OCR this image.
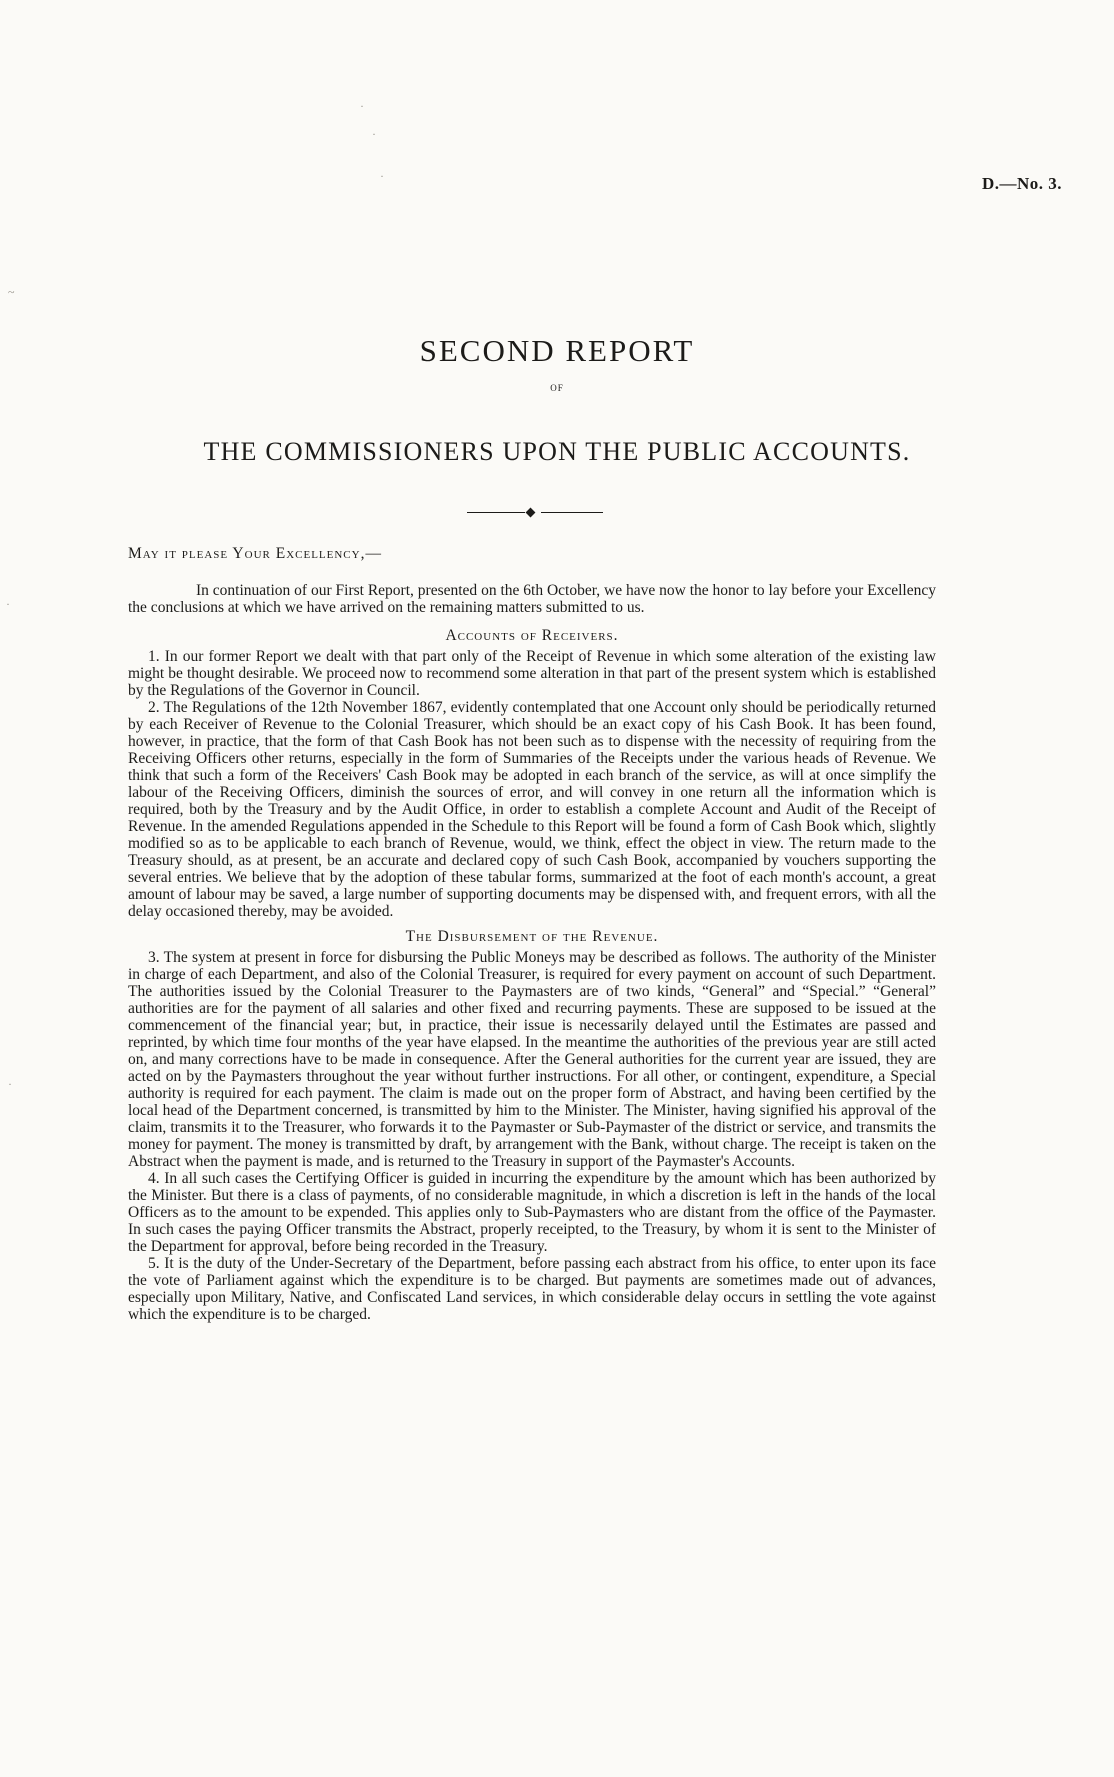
·
·
·
~
·
·
D.—No. 3.
SECOND REPORT
OF
THE COMMISSIONERS UPON THE PUBLIC ACCOUNTS.
May it please Your Excellency,—

In continuation of our First Report, presented on the 6th October, we have now the honor to lay before your Excellency the conclusions at which we have arrived on the remaining matters submitted to us.

Accounts of Receivers.

1. In our former Report we dealt with that part only of the Receipt of Revenue in which some alteration of the existing law might be thought desirable. We proceed now to recommend some alteration in that part of the present system which is established by the Regulations of the Governor in Council.

2. The Regulations of the 12th November 1867, evidently contemplated that one Account only should be periodically returned by each Receiver of Revenue to the Colonial Treasurer, which should be an exact copy of his Cash Book. It has been found, however, in practice, that the form of that Cash Book has not been such as to dispense with the necessity of requiring from the Receiving Officers other returns, especially in the form of Summaries of the Receipts under the various heads of Revenue. We think that such a form of the Receivers' Cash Book may be adopted in each branch of the service, as will at once simplify the labour of the Receiving Officers, diminish the sources of error, and will convey in one return all the information which is required, both by the Treasury and by the Audit Office, in order to establish a complete Account and Audit of the Receipt of Revenue. In the amended Regulations appended in the Schedule to this Report will be found a form of Cash Book which, slightly modified so as to be applicable to each branch of Revenue, would, we think, effect the object in view. The return made to the Treasury should, as at present, be an accurate and declared copy of such Cash Book, accompanied by vouchers supporting the several entries. We believe that by the adoption of these tabular forms, summarized at the foot of each month's account, a great amount of labour may be saved, a large number of supporting documents may be dispensed with, and frequent errors, with all the delay occasioned thereby, may be avoided.

The Disbursement of the Revenue.

3. The system at present in force for disbursing the Public Moneys may be described as follows. The authority of the Minister in charge of each Department, and also of the Colonial Treasurer, is required for every payment on account of such Department. The authorities issued by the Colonial Treasurer to the Paymasters are of two kinds, “General” and “Special.” “General” authorities are for the payment of all salaries and other fixed and recurring payments. These are supposed to be issued at the commencement of the financial year; but, in practice, their issue is necessarily delayed until the Estimates are passed and reprinted, by which time four months of the year have elapsed. In the meantime the authorities of the previous year are still acted on, and many corrections have to be made in consequence. After the General authorities for the current year are issued, they are acted on by the Paymasters throughout the year without further instructions. For all other, or contingent, expenditure, a Special authority is required for each payment. The claim is made out on the proper form of Abstract, and having been certified by the local head of the Department concerned, is transmitted by him to the Minister. The Minister, having signified his approval of the claim, transmits it to the Treasurer, who forwards it to the Paymaster or Sub-Paymaster of the district or service, and transmits the money for payment. The money is transmitted by draft, by arrangement with the Bank, without charge. The receipt is taken on the Abstract when the payment is made, and is returned to the Treasury in support of the Paymaster's Accounts.

4. In all such cases the Certifying Officer is guided in incurring the expenditure by the amount which has been authorized by the Minister. But there is a class of payments, of no considerable magnitude, in which a discretion is left in the hands of the local Officers as to the amount to be expended. This applies only to Sub-Paymasters who are distant from the office of the Paymaster. In such cases the paying Officer transmits the Abstract, properly receipted, to the Treasury, by whom it is sent to the Minister of the Department for approval, before being recorded in the Treasury.

5. It is the duty of the Under-Secretary of the Department, before passing each abstract from his office, to enter upon its face the vote of Parliament against which the expenditure is to be charged. But payments are sometimes made out of advances, especially upon Military, Native, and Confiscated Land services, in which considerable delay occurs in settling the vote against which the expenditure is to be charged.
